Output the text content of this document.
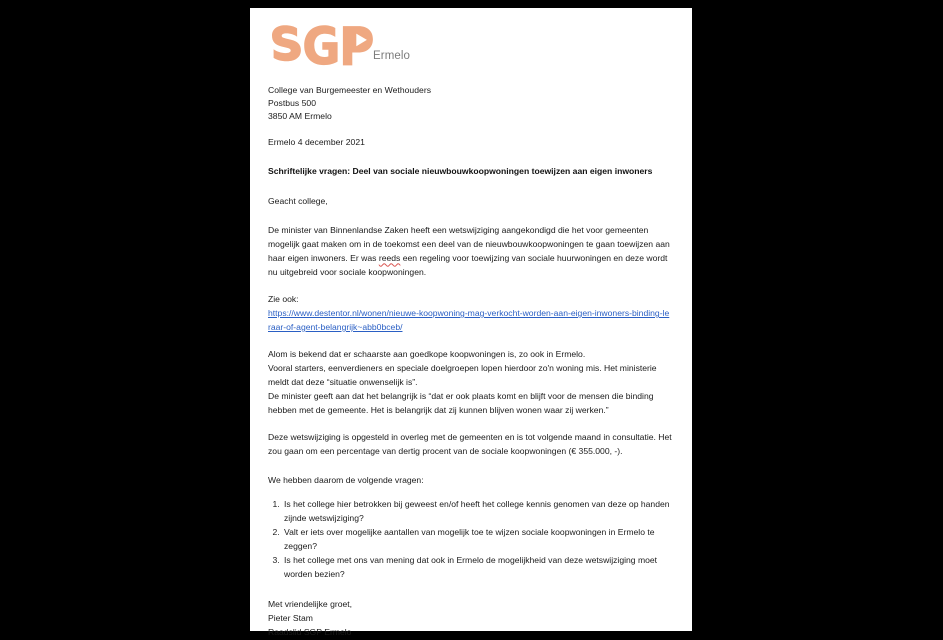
Ermelo
College van Burgemeester en Wethouders
Postbus 500
3850 AM Ermelo
Ermelo 4 december 2021
Schriftelijke vragen: Deel van sociale nieuwbouwkoopwoningen toewijzen aan eigen inwoners
Geacht college,
De minister van Binnenlandse Zaken heeft een wetswijziging aangekondigd die het voor gemeenten mogelijk gaat maken om in de toekomst een deel van de nieuwbouwkoopwoningen te gaan toewijzen aan haar eigen inwoners. Er was reeds een regeling voor toewijzing van sociale huurwoningen en deze wordt nu uitgebreid voor sociale koopwoningen.
Zie ook:
https://www.destentor.nl/wonen/nieuwe-koopwoning-mag-verkocht-worden-aan-eigen-inwoners-binding-leraar-of-agent-belangrijk~abb0bceb/
Alom is bekend dat er schaarste aan goedkope koopwoningen is, zo ook in Ermelo.
Vooral starters, eenverdieners en speciale doelgroepen lopen hierdoor zo'n woning mis. Het ministerie meldt dat deze “situatie onwenselijk is”.
De minister geeft aan dat het belangrijk is “dat er ook plaats komt en blijft voor de mensen die binding hebben met de gemeente. Het is belangrijk dat zij kunnen blijven wonen waar zij werken.”
Deze wetswijziging is opgesteld in overleg met de gemeenten en is tot volgende maand in consultatie. Het zou gaan om een percentage van dertig procent van de sociale koopwoningen (€ 355.000, -).
We hebben daarom de volgende vragen:
1. Is het college hier betrokken bij geweest en/of heeft het college kennis genomen van deze op handen zijnde wetswijziging?
2. Valt er iets over mogelijke aantallen van mogelijk toe te wijzen sociale koopwoningen in Ermelo te zeggen?
3. Is het college met ons van mening dat ook in Ermelo de mogelijkheid van deze wetswijziging moet worden bezien?
Met vriendelijke groet,
Pieter Stam
Raadslid SGP Ermelo
